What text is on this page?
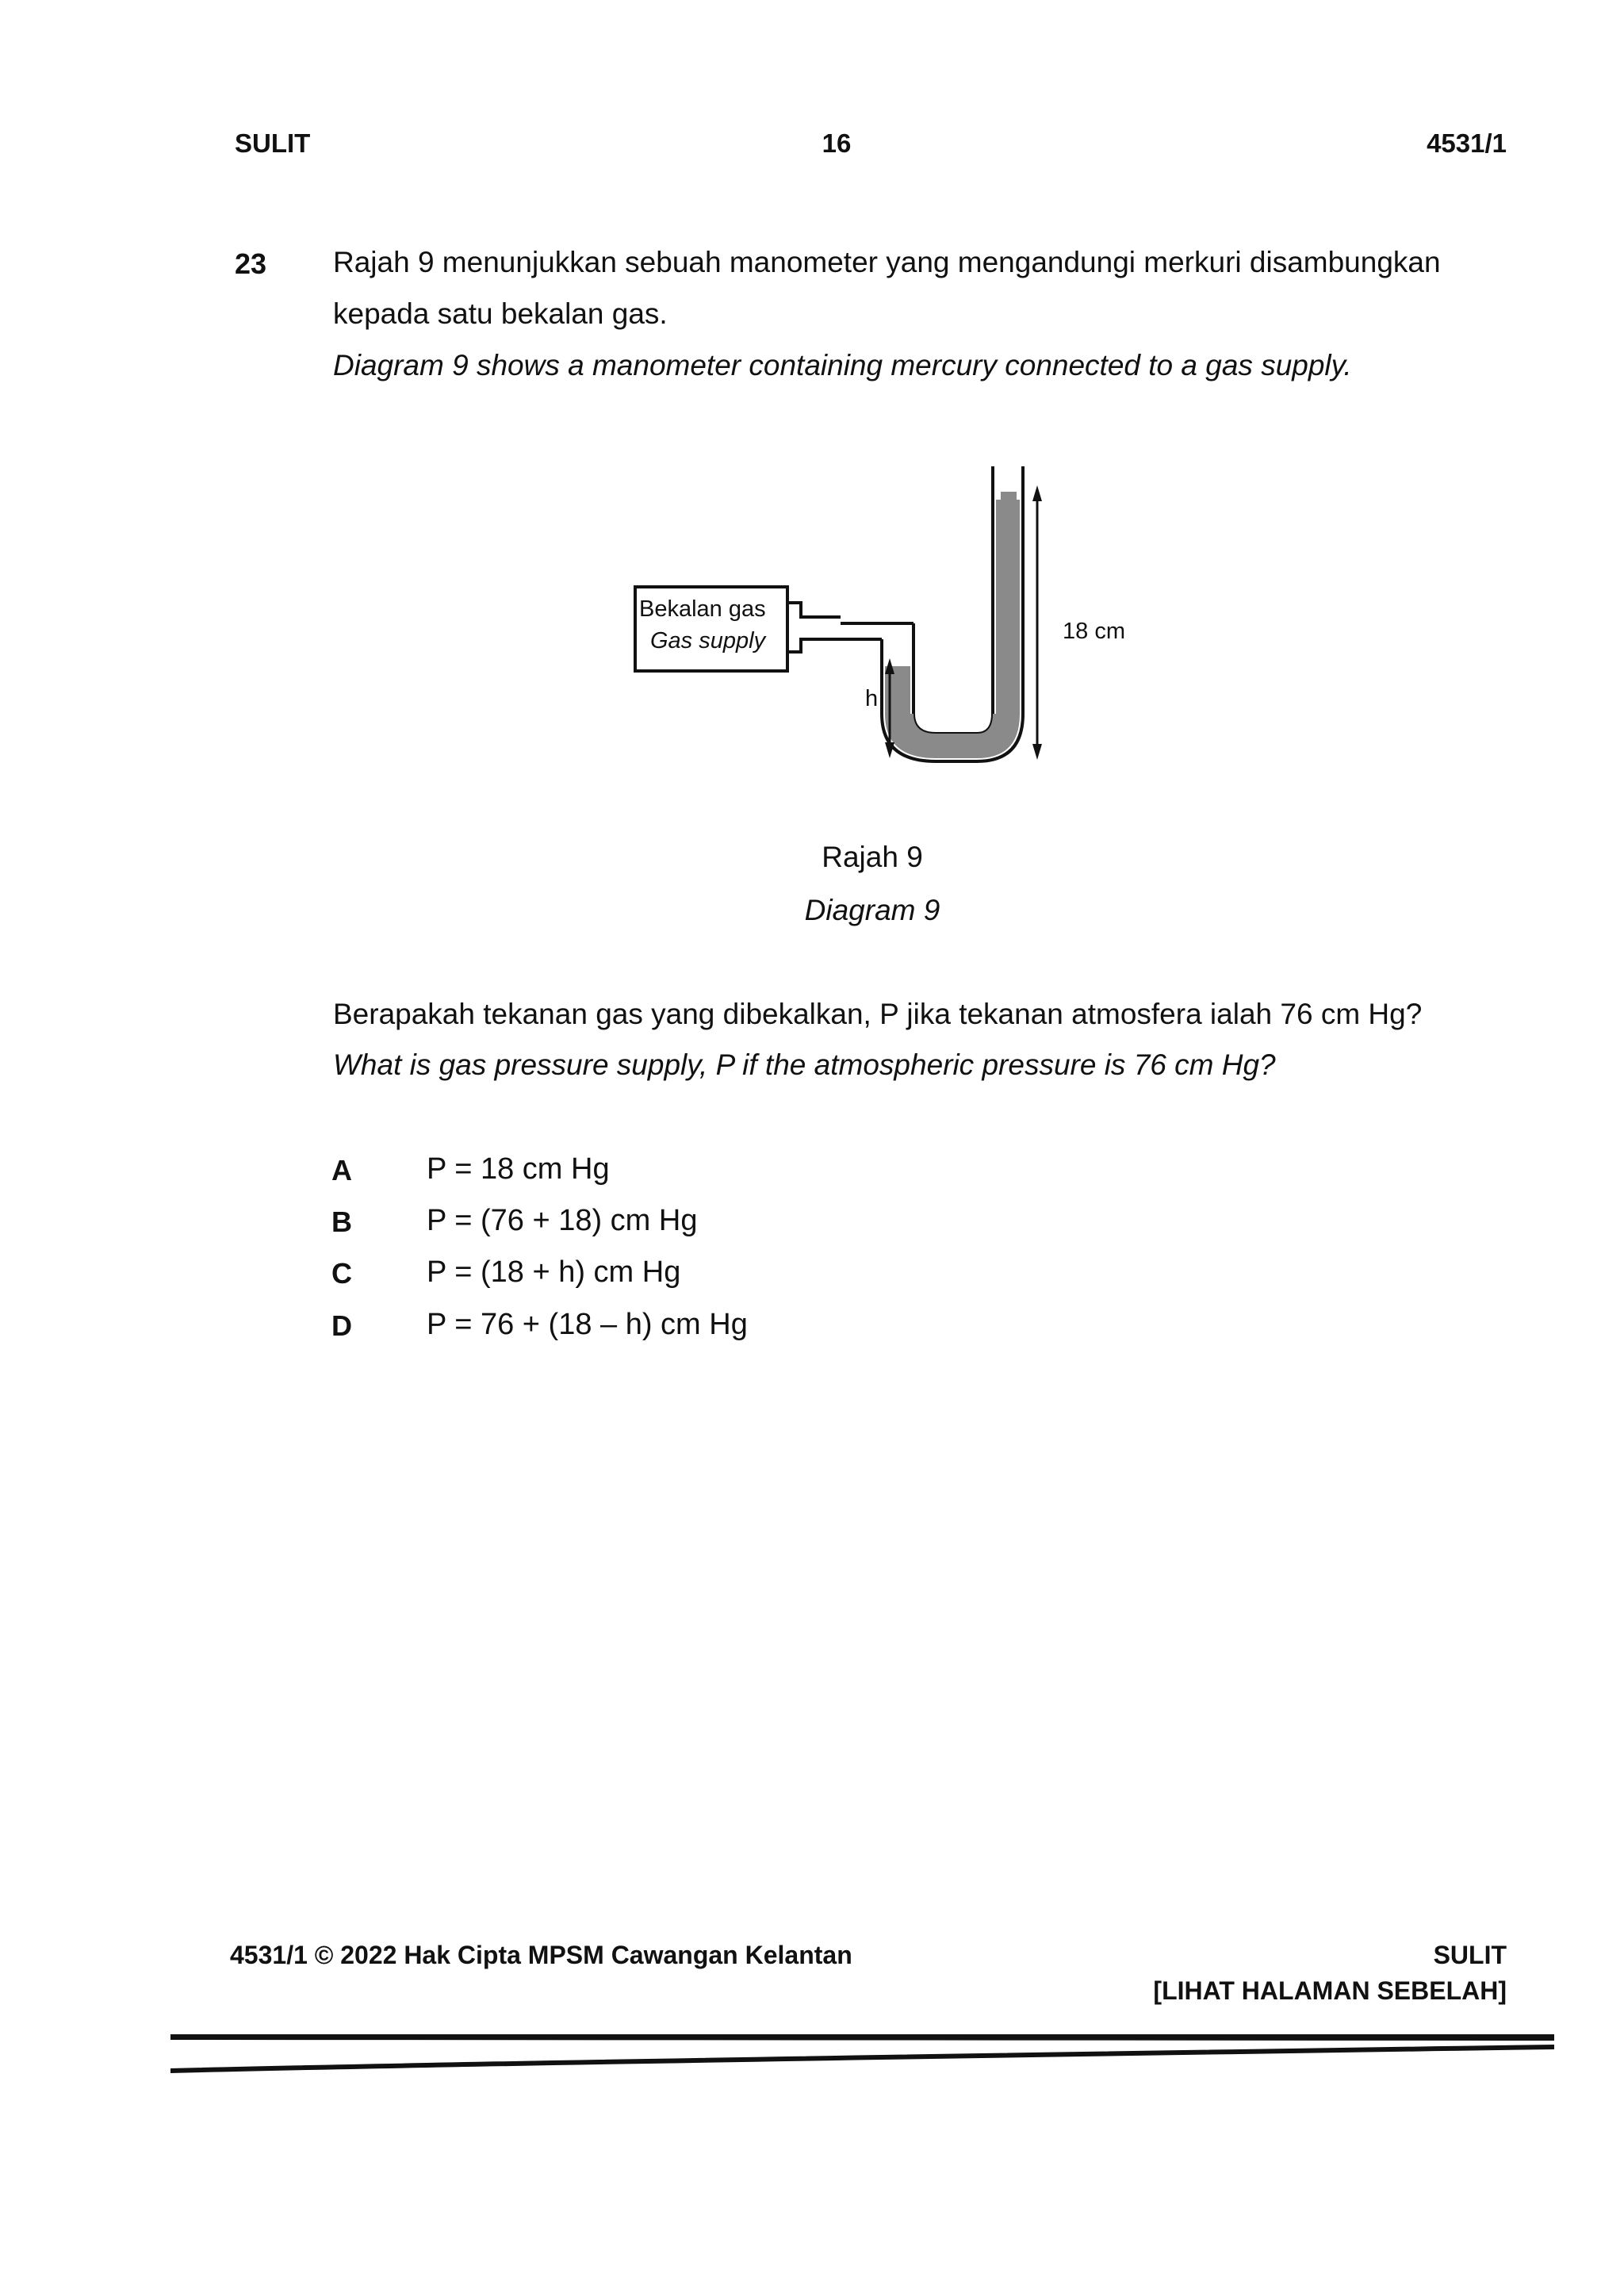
SULIT	16	4531/1
23 Rajah 9 menunjukkan sebuah manometer yang mengandungi merkuri disambungkan
kepada satu bekalan gas.
Diagram 9 shows a manometer containing mercury connected to a gas supply.
Bekalan gas
Gas supply
h
18 cm
Rajah 9
Diagram 9
Berapakah tekanan gas yang dibekalkan, P jika tekanan atmosfera ialah 76 cm Hg?
What is gas pressure supply, P if the atmospheric pressure is 76 cm Hg?
A P = 18 cm Hg
B P = (76 + 18) cm Hg
C P = (18 + h) cm Hg
D P = 76 + (18 – h) cm Hg
4531/1 © 2022 Hak Cipta MPSM Cawangan Kelantan	SULIT
[LIHAT HALAMAN SEBELAH]
